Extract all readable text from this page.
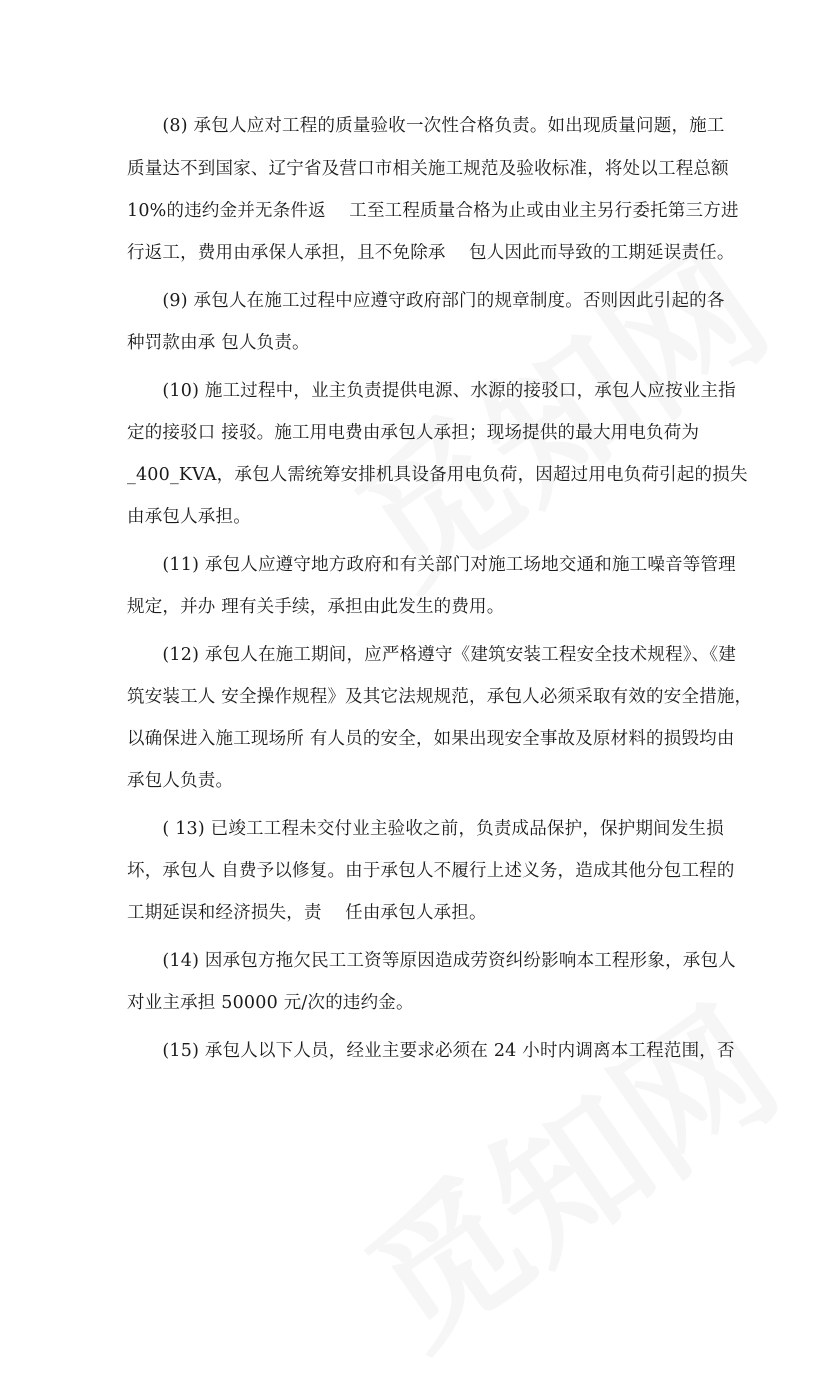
　　(8) 承包人应对工程的质量验收一次性合格负责。如出现质量问题，施工
质量达不到国家、辽宁省及营口市相关施工规范及验收标准，将处以工程总额
10%的违约金并无条件返　 工至工程质量合格为止或由业主另行委托第三方进
行返工，费用由承保人承担，且不免除承　 包人因此而导致的工期延误责任。
　　(9) 承包人在施工过程中应遵守政府部门的规章制度。否则因此引起的各
种罚款由承 包人负责。
　　(10) 施工过程中，业主负责提供电源、水源的接驳口，承包人应按业主指
定的接驳口 接驳。施工用电费由承包人承担；现场提供的最大用电负荷为
_400_KVA，承包人需统筹安排机具设备用电负荷，因超过用电负荷引起的损失
由承包人承担。
　　(11) 承包人应遵守地方政府和有关部门对施工场地交通和施工噪音等管理
规定，并办 理有关手续，承担由此发生的费用。
　　(12) 承包人在施工期间，应严格遵守《建筑安装工程安全技术规程》、《建
筑安装工人 安全操作规程》及其它法规规范，承包人必须采取有效的安全措施，
以确保进入施工现场所 有人员的安全，如果出现安全事故及原材料的损毁均由
承包人负责。
　　( 13) 已竣工工程未交付业主验收之前，负责成品保护，保护期间发生损
坏，承包人 自费予以修复。由于承包人不履行上述义务，造成其他分包工程的
工期延误和经济损失，责　 任由承包人承担。
　　(14) 因承包方拖欠民工工资等原因造成劳资纠纷影响本工程形象，承包人
对业主承担 50000 元/次的违约金。
　　(15) 承包人以下人员，经业主要求必须在 24 小时内调离本工程范围，否
